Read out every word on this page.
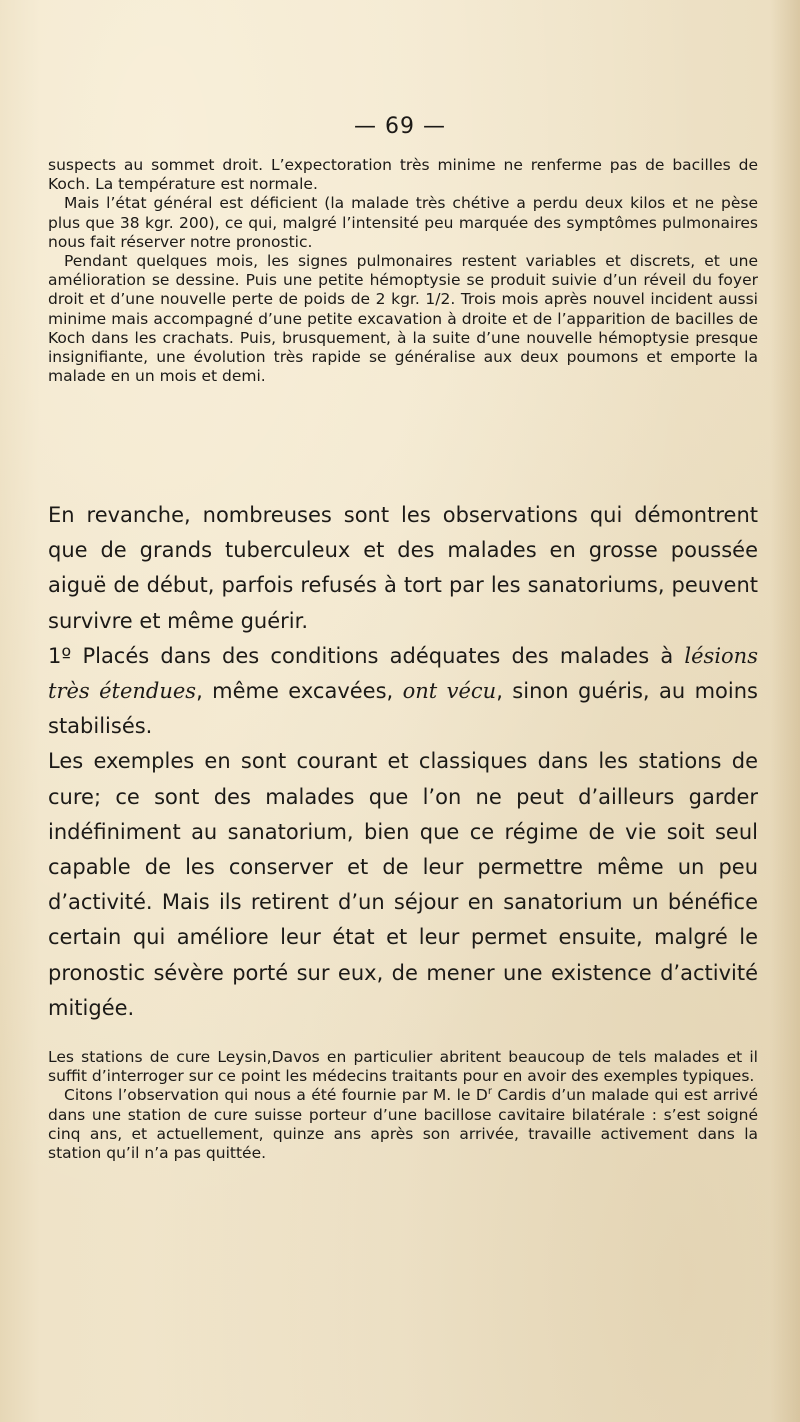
— 69 —

suspects au sommet droit. L’expectoration très minime ne renferme pas de bacilles de Koch. La température est normale.

Mais l’état général est déficient (la malade très chétive a perdu deux kilos et ne pèse plus que 38 kgr. 200), ce qui, malgré l’intensité peu marquée des symptômes pulmonaires nous fait réserver notre pronostic.

Pendant quelques mois, les signes pulmonaires restent variables et discrets, et une amélioration se dessine. Puis une petite hémoptysie se produit suivie d’un réveil du foyer droit et d’une nouvelle perte de poids de 2 kgr. 1/2. Trois mois après nouvel incident aussi minime mais accompagné d’une petite excavation à droite et de l’apparition de bacilles de Koch dans les crachats. Puis, brusquement, à la suite d’une nouvelle hémoptysie presque insignifiante, une évolution très rapide se généralise aux deux poumons et emporte la malade en un mois et demi.

En revanche, nombreuses sont les observations qui démontrent que de grands tuberculeux et des malades en grosse poussée aiguë de début, parfois refusés à tort par les sanatoriums, peuvent survivre et même guérir.

1º Placés dans des conditions adéquates des malades à lésions très étendues, même excavées, ont vécu, sinon guéris, au moins stabilisés.

Les exemples en sont courant et classiques dans les stations de cure; ce sont des malades que l’on ne peut d’ailleurs garder indéfiniment au sanatorium, bien que ce régime de vie soit seul capable de les conserver et de leur permettre même un peu d’activité. Mais ils retirent d’un séjour en sanatorium un bénéfice certain qui améliore leur état et leur permet ensuite, malgré le pronostic sévère porté sur eux, de mener une existence d’activité mitigée.

Les stations de cure Leysin,Davos en particulier abritent beaucoup de tels malades et il suffit d’interroger sur ce point les médecins traitants pour en avoir des exemples typiques.

Citons l’observation qui nous a été fournie par M. le $D^r$ Cardis d’un malade qui est arrivé dans une station de cure suisse porteur d’une bacillose cavitaire bilatérale : s’est soigné cinq ans, et actuellement, quinze ans après son arrivée, travaille activement dans la station qu’il n’a pas quittée.
